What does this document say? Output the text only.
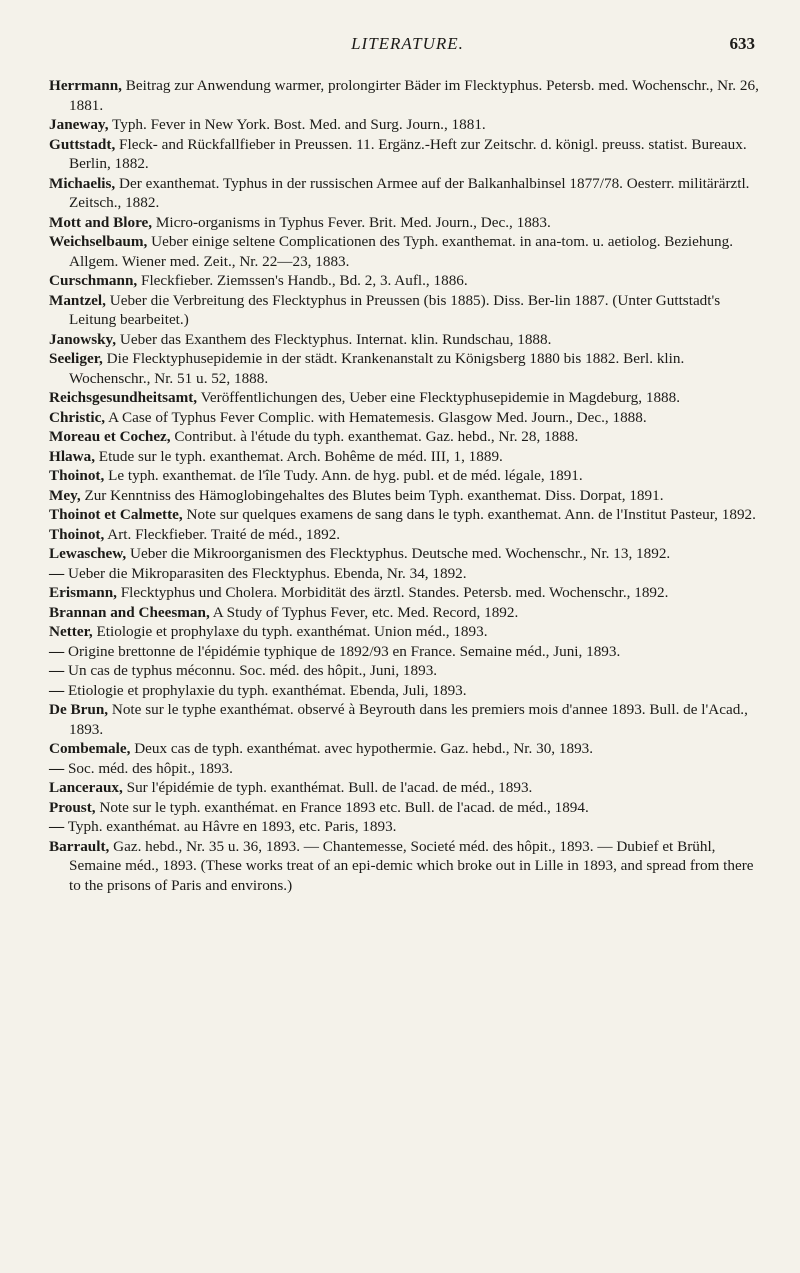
LITERATURE.	633

Herrmann, Beitrag zur Anwendung warmer, prolongirter Bäder im Flecktyphus. Petersb. med. Wochenschr., Nr. 26, 1881.

Janeway, Typh. Fever in New York. Bost. Med. and Surg. Journ., 1881.

Guttstadt, Fleck- and Rückfallfieber in Preussen. 11. Ergänz.-Heft zur Zeitschr. d. königl. preuss. statist. Bureaux. Berlin, 1882.

Michaelis, Der exanthemat. Typhus in der russischen Armee auf der Balkanhalbinsel 1877/78. Oesterr. militärärztl. Zeitsch., 1882.

Mott and Blore, Micro-organisms in Typhus Fever. Brit. Med. Journ., Dec., 1883.

Weichselbaum, Ueber einige seltene Complicationen des Typh. exanthemat. in ana-tom. u. aetiolog. Beziehung. Allgem. Wiener med. Zeit., Nr. 22—23, 1883.

Curschmann, Fleckfieber. Ziemssen's Handb., Bd. 2, 3. Aufl., 1886.

Mantzel, Ueber die Verbreitung des Flecktyphus in Preussen (bis 1885). Diss. Ber-lin 1887. (Unter Guttstadt's Leitung bearbeitet.)

Janowsky, Ueber das Exanthem des Flecktyphus. Internat. klin. Rundschau, 1888.

Seeliger, Die Flecktyphusepidemie in der städt. Krankenanstalt zu Königsberg 1880 bis 1882. Berl. klin. Wochenschr., Nr. 51 u. 52, 1888.

Reichsgesundheitsamt, Veröffentlichungen des, Ueber eine Flecktyphusepidemie in Magdeburg, 1888.

Christic, A Case of Typhus Fever Complic. with Hematemesis. Glasgow Med. Journ., Dec., 1888.

Moreau et Cochez, Contribut. à l'étude du typh. exanthemat. Gaz. hebd., Nr. 28, 1888.

Hlawa, Etude sur le typh. exanthemat. Arch. Bohême de méd. III, 1, 1889.

Thoinot, Le typh. exanthemat. de l'île Tudy. Ann. de hyg. publ. et de méd. légale, 1891.

Mey, Zur Kenntniss des Hämoglobingehaltes des Blutes beim Typh. exanthemat. Diss. Dorpat, 1891.

Thoinot et Calmette, Note sur quelques examens de sang dans le typh. exanthemat. Ann. de l'Institut Pasteur, 1892.

Thoinot, Art. Fleckfieber. Traité de méd., 1892.

Lewaschew, Ueber die Mikroorganismen des Flecktyphus. Deutsche med. Wochenschr., Nr. 13, 1892.

— Ueber die Mikroparasiten des Flecktyphus. Ebenda, Nr. 34, 1892.

Erismann, Flecktyphus und Cholera. Morbidität des ärztl. Standes. Petersb. med. Wochenschr., 1892.

Brannan and Cheesman, A Study of Typhus Fever, etc. Med. Record, 1892.

Netter, Etiologie et prophylaxe du typh. exanthémat. Union méd., 1893.

— Origine brettonne de l'épidémie typhique de 1892/93 en France. Semaine méd., Juni, 1893.

— Un cas de typhus méconnu. Soc. méd. des hôpit., Juni, 1893.

— Etiologie et prophylaxie du typh. exanthémat. Ebenda, Juli, 1893.

De Brun, Note sur le typhe exanthémat. observé à Beyrouth dans les premiers mois d'annee 1893. Bull. de l'Acad., 1893.

Combemale, Deux cas de typh. exanthémat. avec hypothermie. Gaz. hebd., Nr. 30, 1893.

— Soc. méd. des hôpit., 1893.

Lanceraux, Sur l'épidémie de typh. exanthémat. Bull. de l'acad. de méd., 1893.

Proust, Note sur le typh. exanthémat. en France 1893 etc. Bull. de l'acad. de méd., 1894.

— Typh. exanthémat. au Hâvre en 1893, etc. Paris, 1893.

Barrault, Gaz. hebd., Nr. 35 u. 36, 1893. — Chantemesse, Societé méd. des hôpit., 1893. — Dubief et Brühl, Semaine méd., 1893. (These works treat of an epi-demic which broke out in Lille in 1893, and spread from there to the prisons of Paris and environs.)
